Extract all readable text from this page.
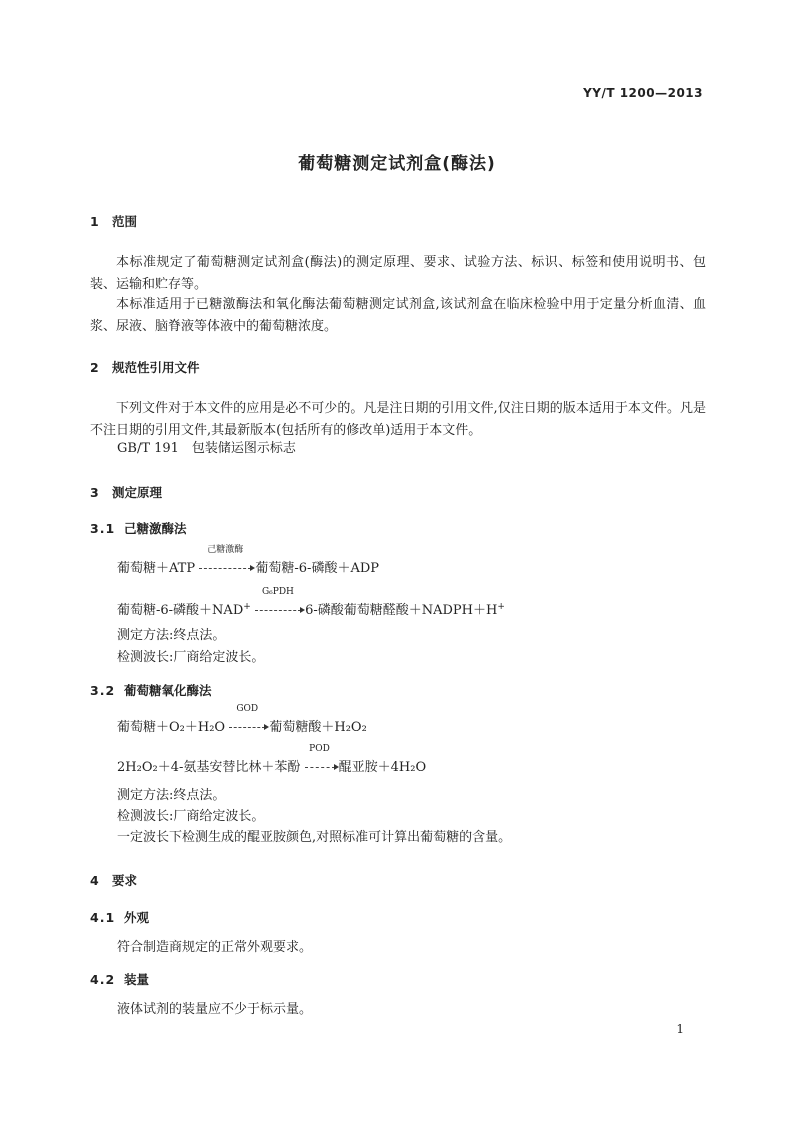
YY/T 1200—2013
葡萄糖测定试剂盒(酶法)
1 范围
本标准规定了葡萄糖测定试剂盒(酶法)的测定原理、要求、试验方法、标识、标签和使用说明书、包装、运输和贮存等。
本标准适用于已糖激酶法和氧化酶法葡萄糖测定试剂盒,该试剂盒在临床检验中用于定量分析血清、血浆、尿液、脑脊液等体液中的葡萄糖浓度。
2 规范性引用文件
下列文件对于本文件的应用是必不可少的。凡是注日期的引用文件,仅注日期的版本适用于本文件。凡是不注日期的引用文件,其最新版本(包括所有的修改单)适用于本文件。
GB/T 191　包装储运图示标志
3 测定原理
3.1 己糖激酶法
葡萄糖＋ATP
己糖激酶
葡萄糖-6-磷酸＋ADP
葡萄糖-6-磷酸＋NAD+
G₆PDH
6-磷酸葡萄糖醛酸＋NADPH＋H+
测定方法:终点法。
检测波长:厂商给定波长。
3.2 葡萄糖氧化酶法
葡萄糖＋O₂＋H₂O
GOD
葡萄糖酸＋H₂O₂
2H₂O₂＋4-氨基安替比林＋苯酚
POD
醌亚胺＋4H₂O
测定方法:终点法。
检测波长:厂商给定波长。
一定波长下检测生成的醌亚胺颜色,对照标准可计算出葡萄糖的含量。
4 要求
4.1 外观
符合制造商规定的正常外观要求。
4.2 装量
液体试剂的装量应不少于标示量。
1
